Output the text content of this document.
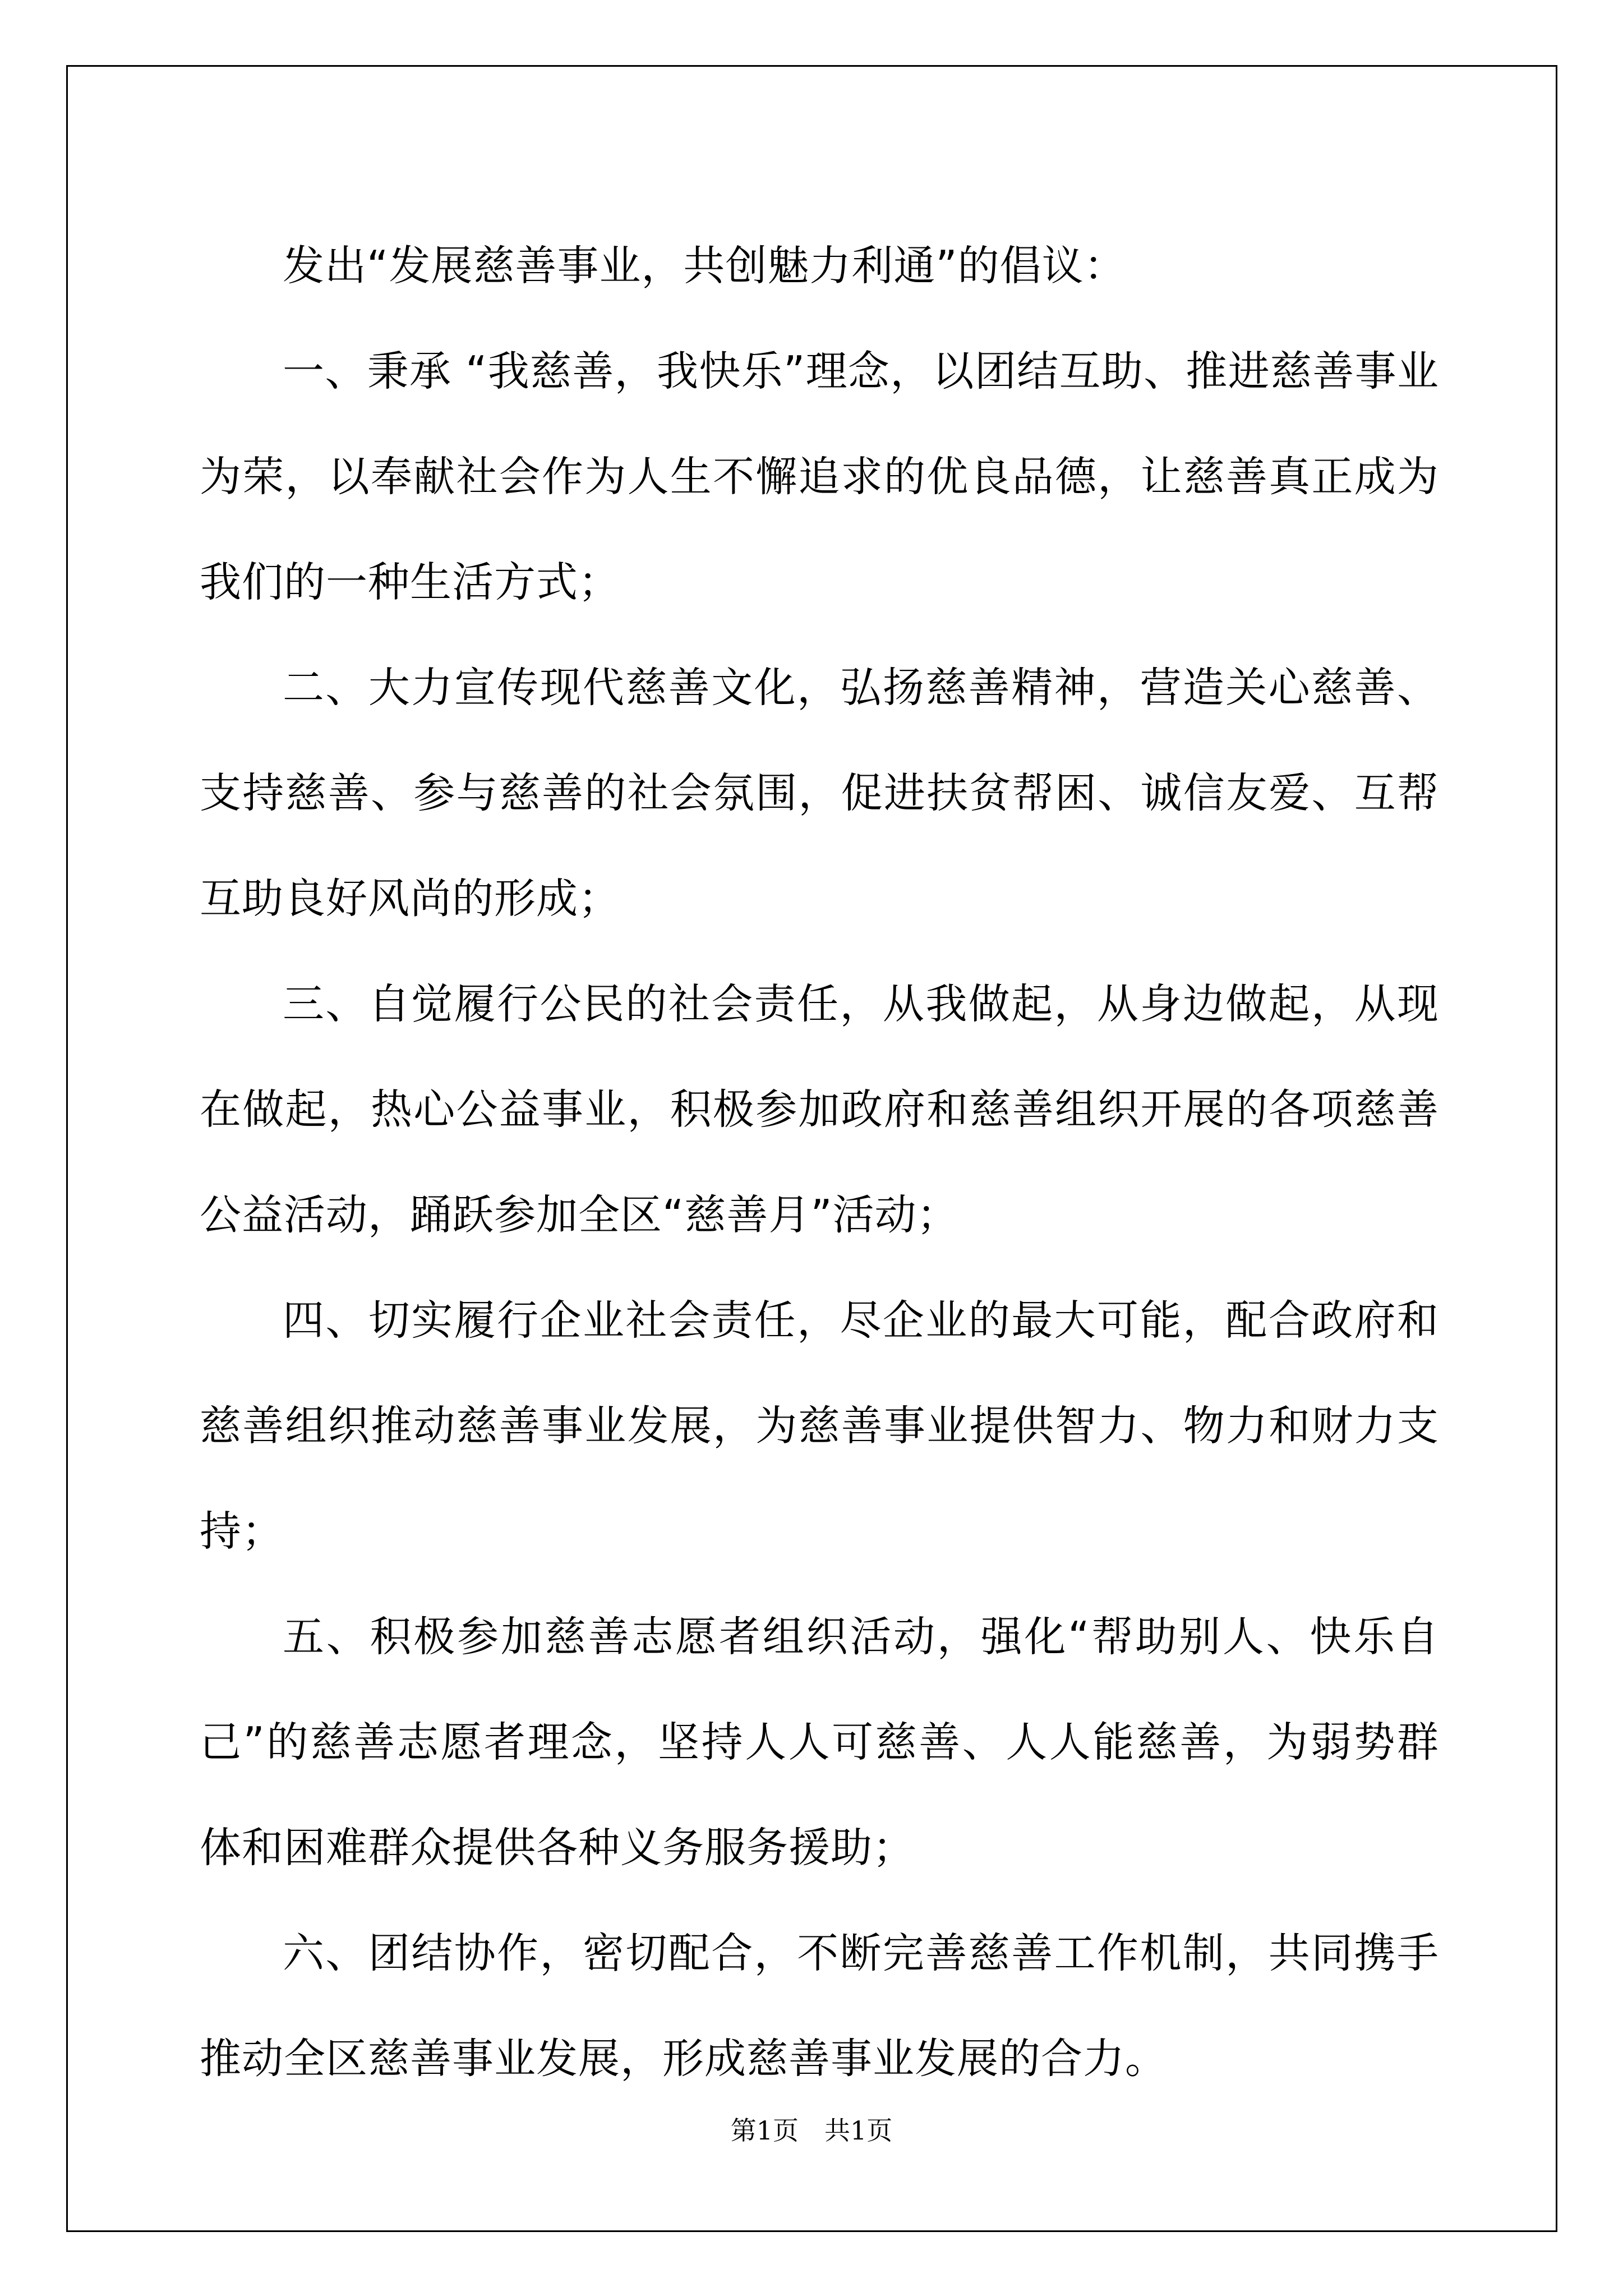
发出“发展慈善事业，共创魅力利通”的倡议：

一、秉承 “我慈善，我快乐”理念，以团结互助、推进慈善事业为荣，以奉献社会作为人生不懈追求的优良品德，让慈善真正成为我们的一种生活方式；

二、大力宣传现代慈善文化，弘扬慈善精神，营造关心慈善、支持慈善、参与慈善的社会氛围，促进扶贫帮困、诚信友爱、互帮互助良好风尚的形成；

三、自觉履行公民的社会责任，从我做起，从身边做起，从现在做起，热心公益事业，积极参加政府和慈善组织开展的各项慈善公益活动，踊跃参加全区“慈善月”活动；

四、切实履行企业社会责任，尽企业的最大可能，配合政府和慈善组织推动慈善事业发展，为慈善事业提供智力、物力和财力支持；

五、积极参加慈善志愿者组织活动，强化“帮助别人、快乐自己”的慈善志愿者理念，坚持人人可慈善、人人能慈善，为弱势群体和困难群众提供各种义务服务援助；

六、团结协作，密切配合，不断完善慈善工作机制，共同携手推动全区慈善事业发展，形成慈善事业发展的合力。

第1页　共1页
